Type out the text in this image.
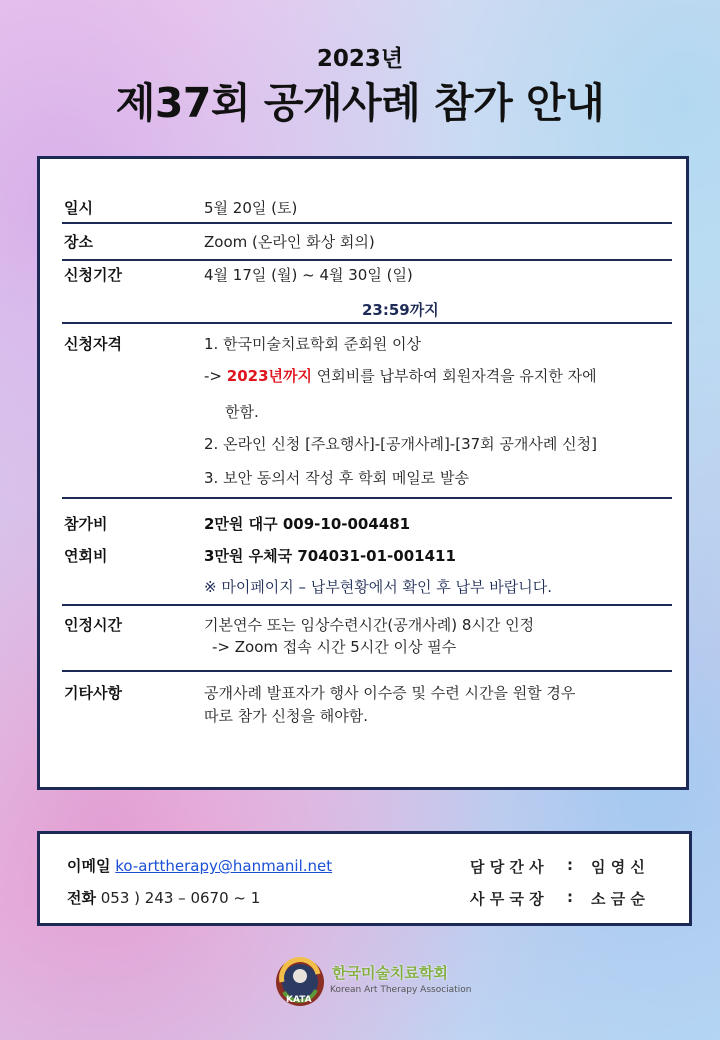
2023년
제37회 공개사례 참가 안내
일시	5월 20일 (토)
장소	Zoom (온라인 화상 회의)
신청기간	4월 17일 (월) ~ 4월 30일 (일)
23:59까지
신청자격	1. 한국미술치료학회 준회원 이상
-> 2023년까지 연회비를 납부하여 회원자격을 유지한 자에
한함.
2. 온라인 신청 [주요행사]-[공개사례]-[37회 공개사례 신청]
3. 보안 동의서 작성 후 학회 메일로 발송
참가비	2만원 대구 009-10-004481
연회비	3만원 우체국 704031-01-001411
※ 마이페이지 – 납부현황에서 확인 후 납부 바랍니다.
인정시간	기본연수 또는 임상수련시간(공개사례) 8시간 인정
-> Zoom 접속 시간 5시간 이상 필수
기타사항	공개사례 발표자가 행사 이수증 및 수련 시간을 원할 경우
따로 참가 신청을 해야함.
이메일 ko-arttherapy@hanmanil.net
전화 053 ) 243 – 0670 ~ 1
담 당 간 사 : 임 영 신
사 무 국 장 : 소 금 순
KATA
한국미술치료학회
Korean Art Therapy Association
